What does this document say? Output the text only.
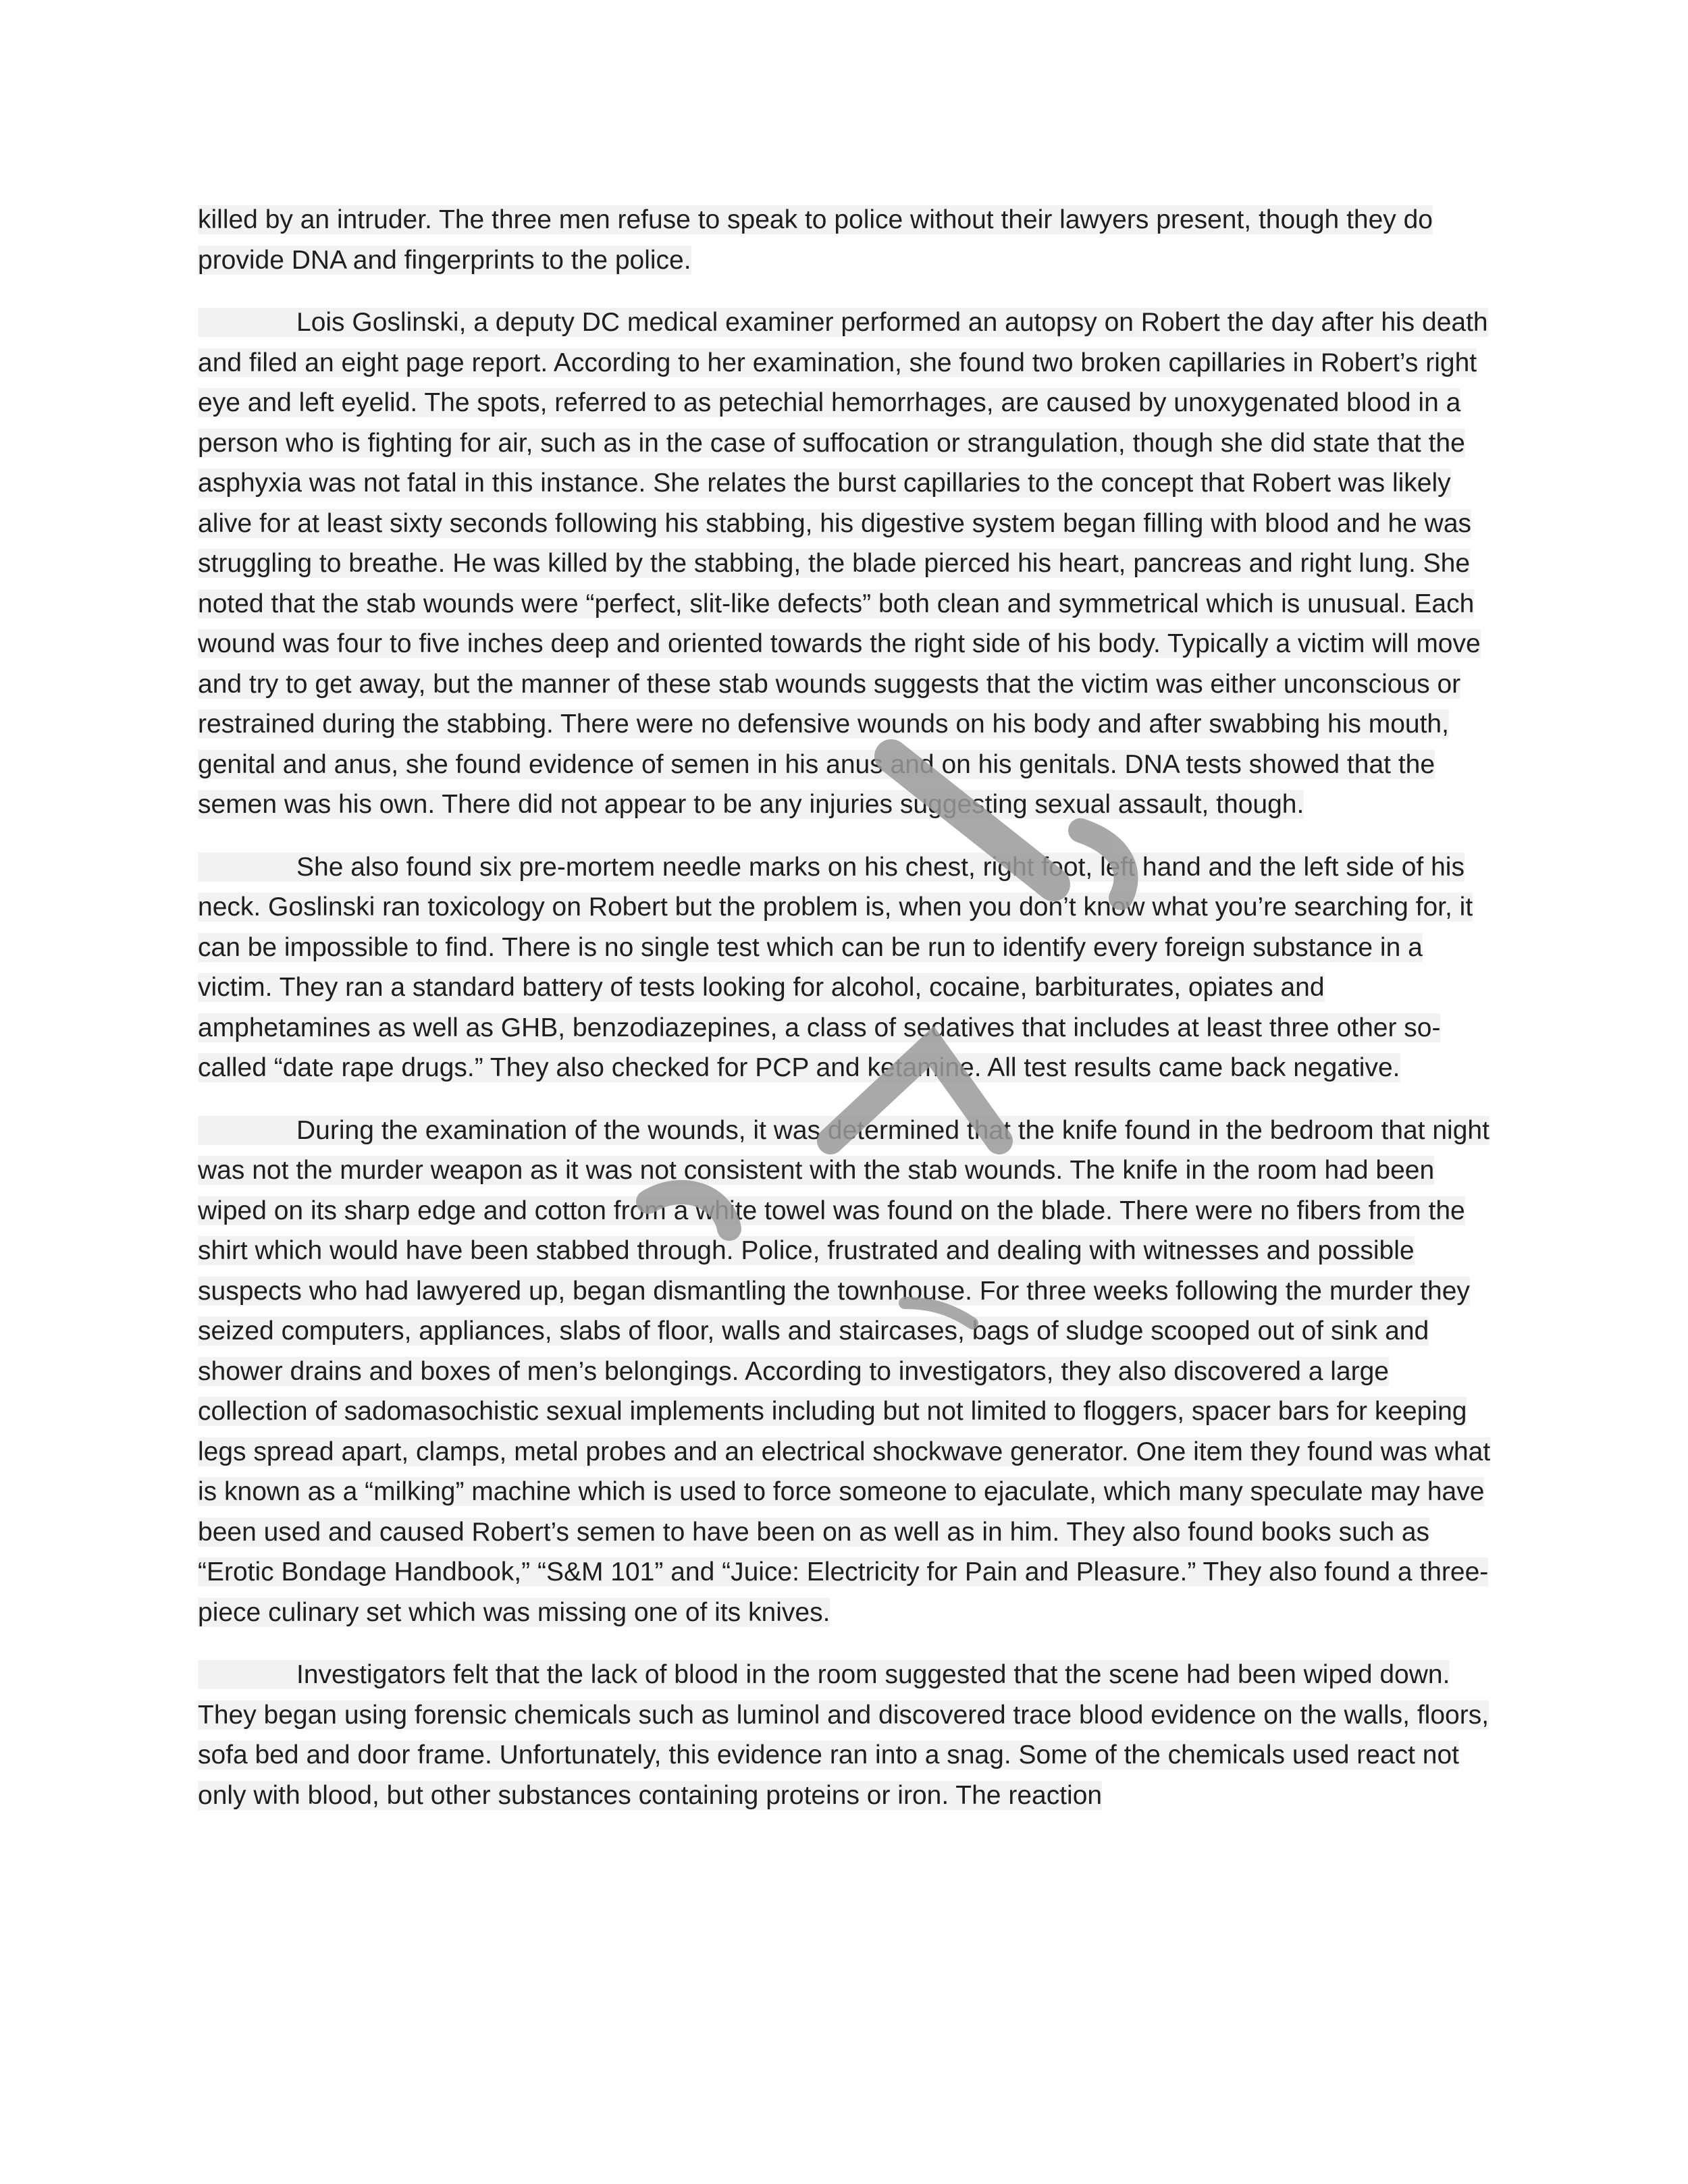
killed by an intruder. The three men refuse to speak to police without their lawyers present, though they do provide DNA and fingerprints to the police.

Lois Goslinski, a deputy DC medical examiner performed an autopsy on Robert the day after his death and filed an eight page report. According to her examination, she found two broken capillaries in Robert’s right eye and left eyelid. The spots, referred to as petechial hemorrhages, are caused by unoxygenated blood in a person who is fighting for air, such as in the case of suffocation or strangulation, though she did state that the asphyxia was not fatal in this instance. She relates the burst capillaries to the concept that Robert was likely alive for at least sixty seconds following his stabbing, his digestive system began filling with blood and he was struggling to breathe. He was killed by the stabbing, the blade pierced his heart, pancreas and right lung. She noted that the stab wounds were “perfect, slit-like defects” both clean and symmetrical which is unusual. Each wound was four to five inches deep and oriented towards the right side of his body. Typically a victim will move and try to get away, but the manner of these stab wounds suggests that the victim was either unconscious or restrained during the stabbing. There were no defensive wounds on his body and after swabbing his mouth, genital and anus, she found evidence of semen in his anus and on his genitals. DNA tests showed that the semen was his own. There did not appear to be any injuries suggesting sexual assault, though.

She also found six pre-mortem needle marks on his chest, right foot, left hand and the left side of his neck. Goslinski ran toxicology on Robert but the problem is, when you don’t know what you’re searching for, it can be impossible to find. There is no single test which can be run to identify every foreign substance in a victim. They ran a standard battery of tests looking for alcohol, cocaine, barbiturates, opiates and amphetamines as well as GHB, benzodiazepines, a class of sedatives that includes at least three other so-called “date rape drugs.” They also checked for PCP and ketamine. All test results came back negative.

During the examination of the wounds, it was determined that the knife found in the bedroom that night was not the murder weapon as it was not consistent with the stab wounds. The knife in the room had been wiped on its sharp edge and cotton from a white towel was found on the blade. There were no fibers from the shirt which would have been stabbed through. Police, frustrated and dealing with witnesses and possible suspects who had lawyered up, began dismantling the townhouse. For three weeks following the murder they seized computers, appliances, slabs of floor, walls and staircases, bags of sludge scooped out of sink and shower drains and boxes of men’s belongings. According to investigators, they also discovered a large collection of sadomasochistic sexual implements including but not limited to floggers, spacer bars for keeping legs spread apart, clamps, metal probes and an electrical shockwave generator. One item they found was what is known as a “milking” machine which is used to force someone to ejaculate, which many speculate may have been used and caused Robert’s semen to have been on as well as in him. They also found books such as “Erotic Bondage Handbook,” “S&M 101” and “Juice: Electricity for Pain and Pleasure.” They also found a three-piece culinary set which was missing one of its knives.

Investigators felt that the lack of blood in the room suggested that the scene had been wiped down. They began using forensic chemicals such as luminol and discovered trace blood evidence on the walls, floors, sofa bed and door frame. Unfortunately, this evidence ran into a snag. Some of the chemicals used react not only with blood, but other substances containing proteins or iron. The reaction
